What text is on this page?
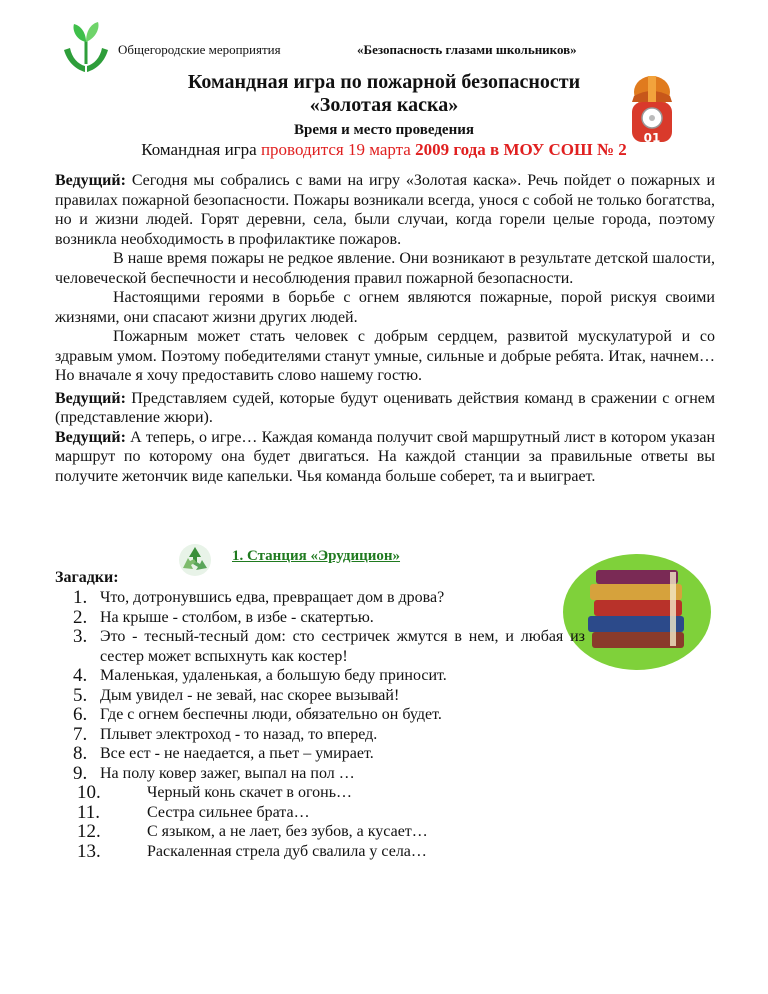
Общегородские мероприятия	«Безопасность глазами школьников»
Командная игра по пожарной безопасности
«Золотая каска»
Время и место проведения
Командная игра проводится 19 марта 2009 года в МОУ СОШ № 2
01

Ведущий: Сегодня мы собрались с вами на игру «Золотая каска». Речь пойдет о пожарных и правилах пожарной безопасности. Пожары возникали всегда, унося с собой не только богатства, но и жизни людей. Горят деревни, села, были случаи, когда горели целые города, поэтому возникла необходимость в профилактике пожаров.

В наше время пожары не редкое явление. Они возникают в результате детской шалости, человеческой беспечности и несоблюдения правил пожарной безопасности.

Настоящими героями в борьбе с огнем являются пожарные, порой рискуя своими жизнями, они спасают жизни других людей.

Пожарным может стать человек с добрым сердцем, развитой мускулатурой и со здравым умом. Поэтому победителями станут умные, сильные и добрые ребята. Итак, начнем…Но вначале я хочу предоставить слово нашему гостю.

Ведущий: Представляем судей, которые будут оценивать действия команд в сражении с огнем (представление жюри).

Ведущий: А теперь, о игре… Каждая команда получит свой маршрутный лист в котором указан маршрут по которому она будет двигаться. На каждой станции за правильные ответы вы получите жетончик виде капельки. Чья команда больше соберет, та и выиграет.

1. Станция «Эрудицион»
Загадки:
1. Что, дотронувшись едва, превращает дом в дрова?
2. На крыше - столбом, в избе - скатертью.
3. Это - тесный-тесный дом: сто сестричек жмутся в нем, и любая из сестер может вспыхнуть как костер!
4. Маленькая, удаленькая, а большую беду приносит.
5. Дым увидел - не зевай, нас скорее вызывай!
6. Где с огнем беспечны люди, обязательно он будет.
7. Плывет электроход - то назад, то вперед.
8. Все ест - не наедается, а пьет – умирает.
9. На полу ковер зажег, выпал на пол …
10.	Черный конь скачет в огонь…
11.	Сестра сильнее брата…
12.	С языком, а не лает, без зубов, а кусает…
13.	Раскаленная стрела дуб свалила у села…
